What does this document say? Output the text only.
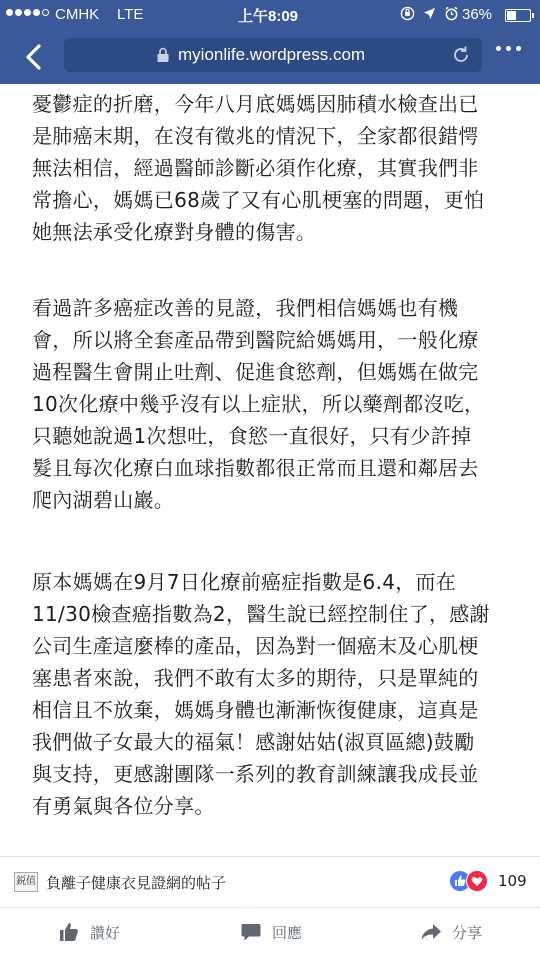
CMHK LTE	上午8:09	36%
myionlife.wordpress.com

憂鬱症的折磨，今年八月底媽媽因肺積水檢查出已
是肺癌末期，在沒有徵兆的情況下，全家都很錯愕
無法相信，經過醫師診斷必須作化療，其實我們非
常擔心，媽媽已68歲了又有心肌梗塞的問題，更怕
她無法承受化療對身體的傷害。

看過許多癌症改善的見證，我們相信媽媽也有機
會，所以將全套產品帶到醫院給媽媽用，一般化療
過程醫生會開止吐劑、促進食慾劑，但媽媽在做完
10次化療中幾乎沒有以上症狀，所以藥劑都沒吃，
只聽她說過1次想吐，食慾一直很好，只有少許掉
髮且每次化療白血球指數都很正常而且還和鄰居去
爬內湖碧山巖。

原本媽媽在9月7日化療前癌症指數是6.4，而在
11/30檢查癌指數為2，醫生說已經控制住了，感謝
公司生產這麼棒的產品，因為對一個癌末及心肌梗
塞患者來說，我們不敢有太多的期待，只是單純的
相信且不放棄，媽媽身體也漸漸恢復健康，這真是
我們做子女最大的福氣！感謝姑姑(淑頁區總)鼓勵
與支持，更感謝團隊一系列的教育訓練讓我成長並
有勇氣與各位分享。

鋭值 負離子健康衣見證網的帖子	109
讚好	回應	分享
